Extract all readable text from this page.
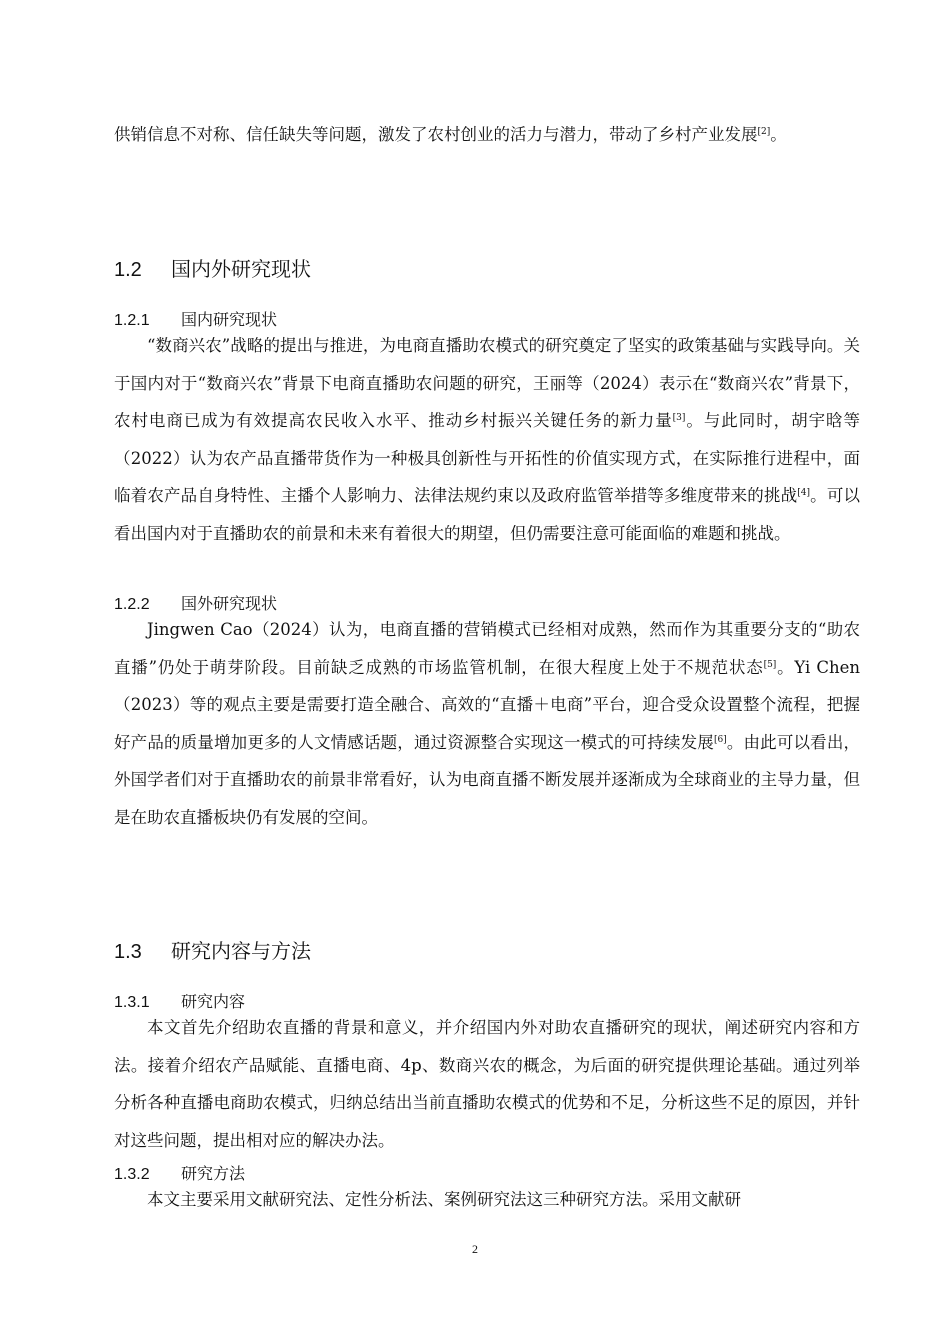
供销信息不对称、信任缺失等问题，激发了农村创业的活力与潜力，带动了乡村产业发展[2]。

1.2 国内外研究现状
1.2.1 国内研究现状

“数商兴农”战略的提出与推进，为电商直播助农模式的研究奠定了坚实的政策基础与实践导向。关于国内对于“数商兴农”背景下电商直播助农问题的研究，王丽等（2024）表示在“数商兴农”背景下，农村电商已成为有效提高农民收入水平、推动乡村振兴关键任务的新力量[3]。与此同时，胡宇晗等（2022）认为农产品直播带货作为一种极具创新性与开拓性的价值实现方式，在实际推行进程中，面临着农产品自身特性、主播个人影响力、法律法规约束以及政府监管举措等多维度带来的挑战[4]。可以看出国内对于直播助农的前景和未来有着很大的期望，但仍需要注意可能面临的难题和挑战。

1.2.2 国外研究现状

Jingwen Cao（2024）认为，电商直播的营销模式已经相对成熟，然而作为其重要分支的“助农直播”仍处于萌芽阶段。目前缺乏成熟的市场监管机制，在很大程度上处于不规范状态[5]。Yi Chen（2023）等的观点主要是需要打造全融合、高效的“直播＋电商”平台，迎合受众设置整个流程，把握好产品的质量增加更多的人文情感话题，通过资源整合实现这一模式的可持续发展[6]。由此可以看出，外国学者们对于直播助农的前景非常看好，认为电商直播不断发展并逐渐成为全球商业的主导力量，但是在助农直播板块仍有发展的空间。

1.3 研究内容与方法
1.3.1 研究内容

本文首先介绍助农直播的背景和意义，并介绍国内外对助农直播研究的现状，阐述研究内容和方法。接着介绍农产品赋能、直播电商、4p、数商兴农的概念，为后面的研究提供理论基础。通过列举分析各种直播电商助农模式，归纳总结出当前直播助农模式的优势和不足，分析这些不足的原因，并针对这些问题，提出相对应的解决办法。

1.3.2 研究方法

本文主要采用文献研究法、定性分析法、案例研究法这三种研究方法。采用文献研

2
